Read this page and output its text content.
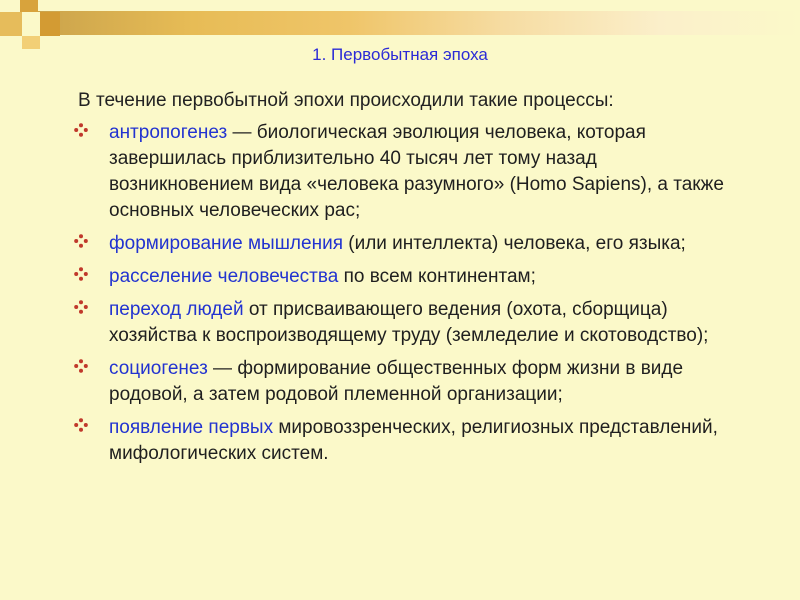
1. Первобытная эпоха
В течение первобытной эпохи происходили такие процессы:
антропогенез — биологическая эволюция человека, которая завершилась приблизительно 40 тысяч лет тому назад возникновением вида «человека разумного» (Homo Sapiens), а также основных человеческих рас;
формирование мышления (или интеллекта) человека, его языка;
расселение человечества по всем континентам;
переход людей от присваивающего ведения (охота, сборщица) хозяйства к воспроизводящему труду (земледелие и скотоводство);
социогенез — формирование общественных форм жизни в виде родовой, а затем родовой племенной организации;
появление первых мировоззренческих, религиозных представлений, мифологических систем.
